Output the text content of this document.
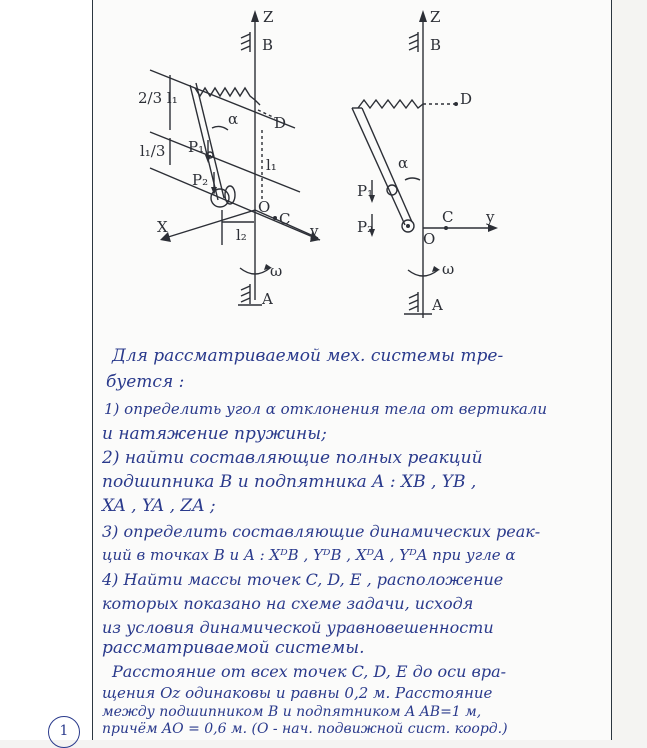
Z
B
D
2/3 l₁
l₁/3
l₁
α
P₁
P₂
O
C
X	y
l₂
ω
A
Z
B
D
α
P₁
P₂
C
O
y
ω
A
Для рассматриваемой мех. системы тре-
буется :
1) определить угол α отклонения тела от вертикали
и натяжение пружины;
2) найти составляющие полных реакций
подшипника B и подпятника A : XB , YB ,
XA , YA , ZA ;
3) определить составляющие динамических реак-
ций в точках B и A : XᴰB , YᴰB , XᴰA , YᴰA при угле α
4) Найти массы точек C, D, E , расположение
которых показано на схеме задачи, исходя
из условия динамической уравновешенности
рассматриваемой системы.
Расстояние от всех точек C, D, E до оси вра-
щения Oz одинаковы и равны 0,2 м. Расстояние
между подшипником B и подпятником A AB=1 м,
причём AO = 0,6 м. (O - нач. подвижной сист. коорд.)
1
